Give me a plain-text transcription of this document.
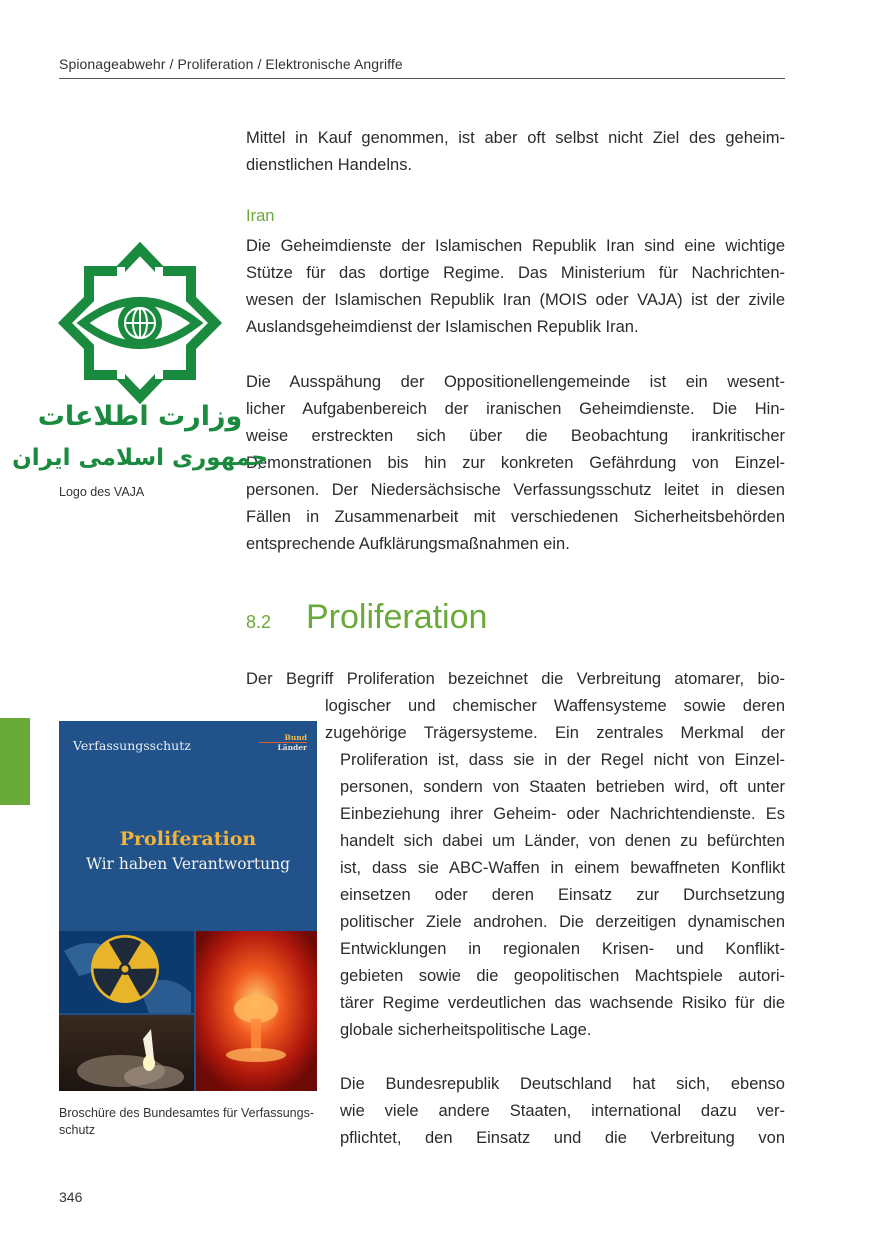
Spionageabwehr / Proliferation / Elektronische Angriffe
Mittel in Kauf genommen, ist aber oft selbst nicht Ziel des geheim-
dienstlichen Handelns.
Iran
Die Geheimdienste der Islamischen Republik Iran sind eine wichtige
Stütze für das dortige Regime. Das Ministerium für Nachrichten-
wesen der Islamischen Republik Iran (MOIS oder VAJA) ist der zivile
Auslandsgeheimdienst der Islamischen Republik Iran.
Die Ausspähung der Oppositionellengemeinde ist ein wesent-
licher Aufgabenbereich der iranischen Geheimdienste. Die Hin-
weise erstreckten sich über die Beobachtung irankritischer
Demonstrationen bis hin zur konkreten Gefährdung von Einzel-
personen. Der Niedersächsische Verfassungsschutz leitet in diesen
Fällen in Zusammenarbeit mit verschiedenen Sicherheitsbehörden
entsprechende Aufklärungsmaßnahmen ein.
وزارت اطلاعات
جمهوری اسلامی ایران
Logo des VAJA
8.2 Proliferation
Der Begriff Proliferation bezeichnet die Verbreitung atomarer, bio-
logischer und chemischer Waffensysteme sowie deren
zugehörige Trägersysteme. Ein zentrales Merkmal der
Proliferation ist, dass sie in der Regel nicht von Einzel-
personen, sondern von Staaten betrieben wird, oft unter
Einbeziehung ihrer Geheim- oder Nachrichtendienste. Es
handelt sich dabei um Länder, von denen zu befürchten
ist, dass sie ABC-Waffen in einem bewaffneten Konflikt
einsetzen oder deren Einsatz zur Durchsetzung
politischer Ziele androhen. Die derzeitigen dynamischen
Entwicklungen in regionalen Krisen- und Konflikt-
gebieten sowie die geopolitischen Machtspiele autori-
tärer Regime verdeutlichen das wachsende Risiko für die
globale sicherheitspolitische Lage.
Die Bundesrepublik Deutschland hat sich, ebenso
wie viele andere Staaten, international dazu ver-
pflichtet, den Einsatz und die Verbreitung von
Verfassungsschutz
Bund
Länder
Proliferation
Wir haben Verantwortung
Broschüre des Bundesamtes für Verfassungs-
schutz
346
